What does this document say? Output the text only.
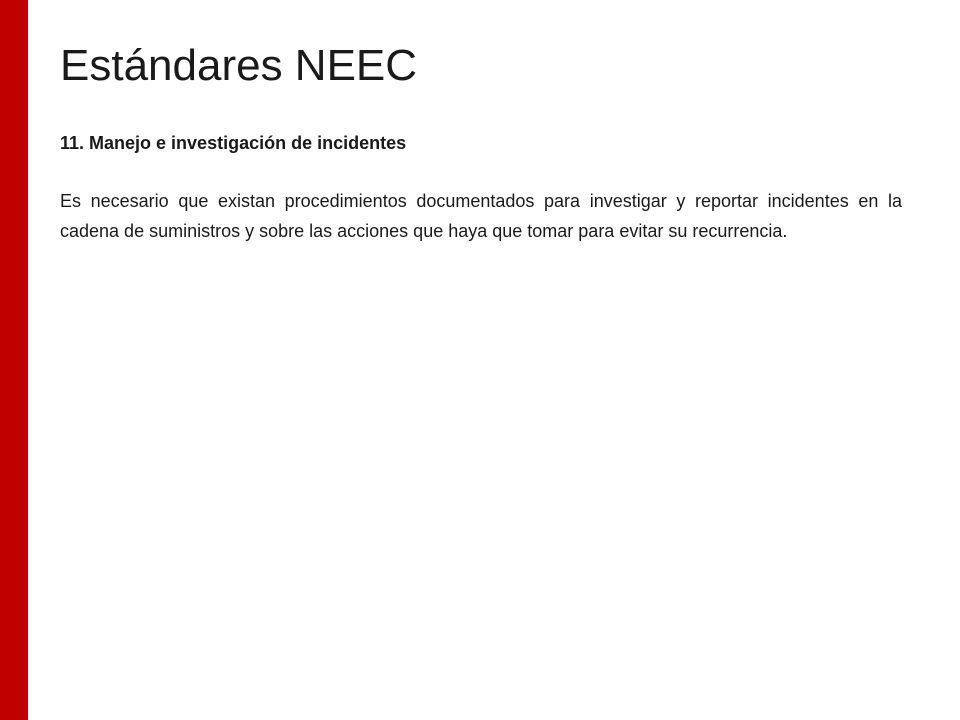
Estándares NEEC

11. Manejo e investigación de incidentes

Es necesario que existan procedimientos documentados para investigar y reportar incidentes en la cadena de suministros y sobre las acciones que haya que tomar para evitar su recurrencia.
